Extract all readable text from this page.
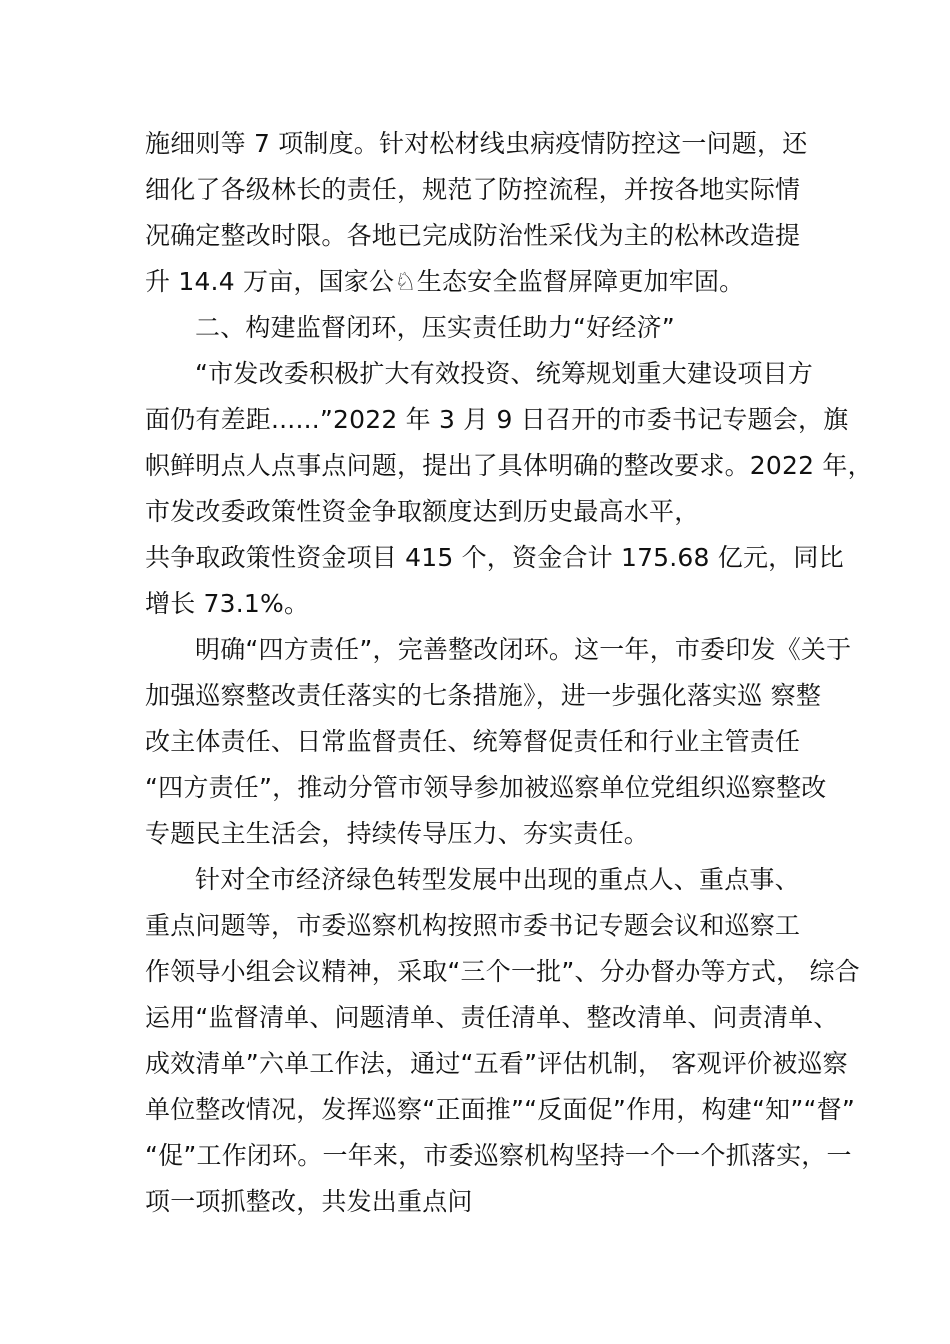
施细则等 7 项制度。针对松材线虫病疫情防控这一问题，还
细化了各级林长的责任，规范了防控流程，并按各地实际情
况确定整改时限。各地已完成防治性采伐为主的松林改造提
升 14.4 万亩，国家公♘生态安全监督屏障更加牢固。
二、构建监督闭环，压实责任助力“好经济”
“市发改委积极扩大有效投资、统筹规划重大建设项目方
面仍有差距......”2022 年 3 月 9 日召开的市委书记专题会，旗
帜鲜明点人点事点问题，提出了具体明确的整改要求。2022 年，
市发改委政策性资金争取额度达到历史最高水平，
共争取政策性资金项目 415 个，资金合计 175.68 亿元，同比
增长 73.1%。
明确“四方责任”，完善整改闭环。这一年，市委印发《关于
加强巡察整改责任落实的七条措施》，进一步强化落实巡 察整
改主体责任、日常监督责任、统筹督促责任和行业主管责任
“四方责任”，推动分管市领导参加被巡察单位党组织巡察整改
专题民主生活会，持续传导压力、夯实责任。
针对全市经济绿色转型发展中出现的重点人、重点事、
重点问题等，市委巡察机构按照市委书记专题会议和巡察工
作领导小组会议精神，采取“三个一批”、分办督办等方式， 综合
运用“监督清单、问题清单、责任清单、整改清单、问责清单、
成效清单”六单工作法，通过“五看”评估机制， 客观评价被巡察
单位整改情况，发挥巡察“正面推”“反面促”作用，构建“知”“督”
“促”工作闭环。一年来，市委巡察机构坚持一个一个抓落实，一
项一项抓整改，共发出重点问
